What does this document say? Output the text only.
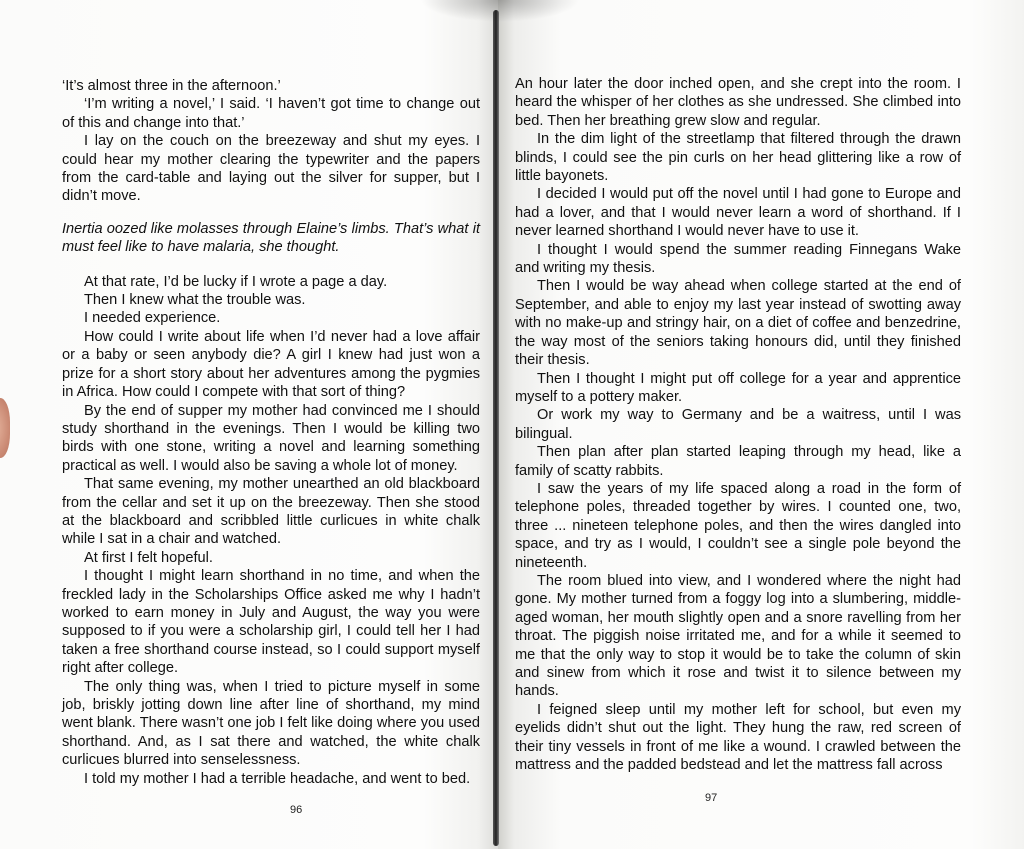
‘It’s almost three in the afternoon.’

‘I’m writing a novel,’ I said. ‘I haven’t got time to change out of this and change into that.’

I lay on the couch on the breezeway and shut my eyes. I could hear my mother clearing the typewriter and the papers from the card-table and laying out the silver for supper, but I didn’t move.

Inertia oozed like molasses through Elaine’s limbs. That’s what it must feel like to have malaria, she thought.

At that rate, I’d be lucky if I wrote a page a day.

Then I knew what the trouble was.

I needed experience.

How could I write about life when I’d never had a love affair or a baby or seen anybody die? A girl I knew had just won a prize for a short story about her adventures among the pygmies in Africa. How could I compete with that sort of thing?

By the end of supper my mother had convinced me I should study shorthand in the evenings. Then I would be killing two birds with one stone, writing a novel and learning something practical as well. I would also be saving a whole lot of money.

That same evening, my mother unearthed an old blackboard from the cellar and set it up on the breezeway. Then she stood at the blackboard and scribbled little curlicues in white chalk while I sat in a chair and watched.

At first I felt hopeful.

I thought I might learn shorthand in no time, and when the freckled lady in the Scholarships Office asked me why I hadn’t worked to earn money in July and August, the way you were supposed to if you were a scholarship girl, I could tell her I had taken a free shorthand course instead, so I could support myself right after college.

The only thing was, when I tried to picture myself in some job, briskly jotting down line after line of shorthand, my mind went blank. There wasn’t one job I felt like doing where you used shorthand. And, as I sat there and watched, the white chalk curlicues blurred into senselessness.

I told my mother I had a terrible headache, and went to bed.

96

An hour later the door inched open, and she crept into the room. I heard the whisper of her clothes as she undressed. She climbed into bed. Then her breathing grew slow and regular.

In the dim light of the streetlamp that filtered through the drawn blinds, I could see the pin curls on her head glittering like a row of little bayonets.

I decided I would put off the novel until I had gone to Europe and had a lover, and that I would never learn a word of shorthand. If I never learned shorthand I would never have to use it.

I thought I would spend the summer reading Finnegans Wake and writing my thesis.

Then I would be way ahead when college started at the end of September, and able to enjoy my last year instead of swotting away with no make-up and stringy hair, on a diet of coffee and benzedrine, the way most of the seniors taking honours did, until they finished their thesis.

Then I thought I might put off college for a year and apprentice myself to a pottery maker.

Or work my way to Germany and be a waitress, until I was bilingual.

Then plan after plan started leaping through my head, like a family of scatty rabbits.

I saw the years of my life spaced along a road in the form of telephone poles, threaded together by wires. I counted one, two, three ... nineteen telephone poles, and then the wires dangled into space, and try as I would, I couldn’t see a single pole beyond the nineteenth.

The room blued into view, and I wondered where the night had gone. My mother turned from a foggy log into a slumbering, middle-aged woman, her mouth slightly open and a snore ravelling from her throat. The piggish noise irritated me, and for a while it seemed to me that the only way to stop it would be to take the column of skin and sinew from which it rose and twist it to silence between my hands.

I feigned sleep until my mother left for school, but even my eyelids didn’t shut out the light. They hung the raw, red screen of their tiny vessels in front of me like a wound. I crawled between the mattress and the padded bedstead and let the mattress fall across

97
